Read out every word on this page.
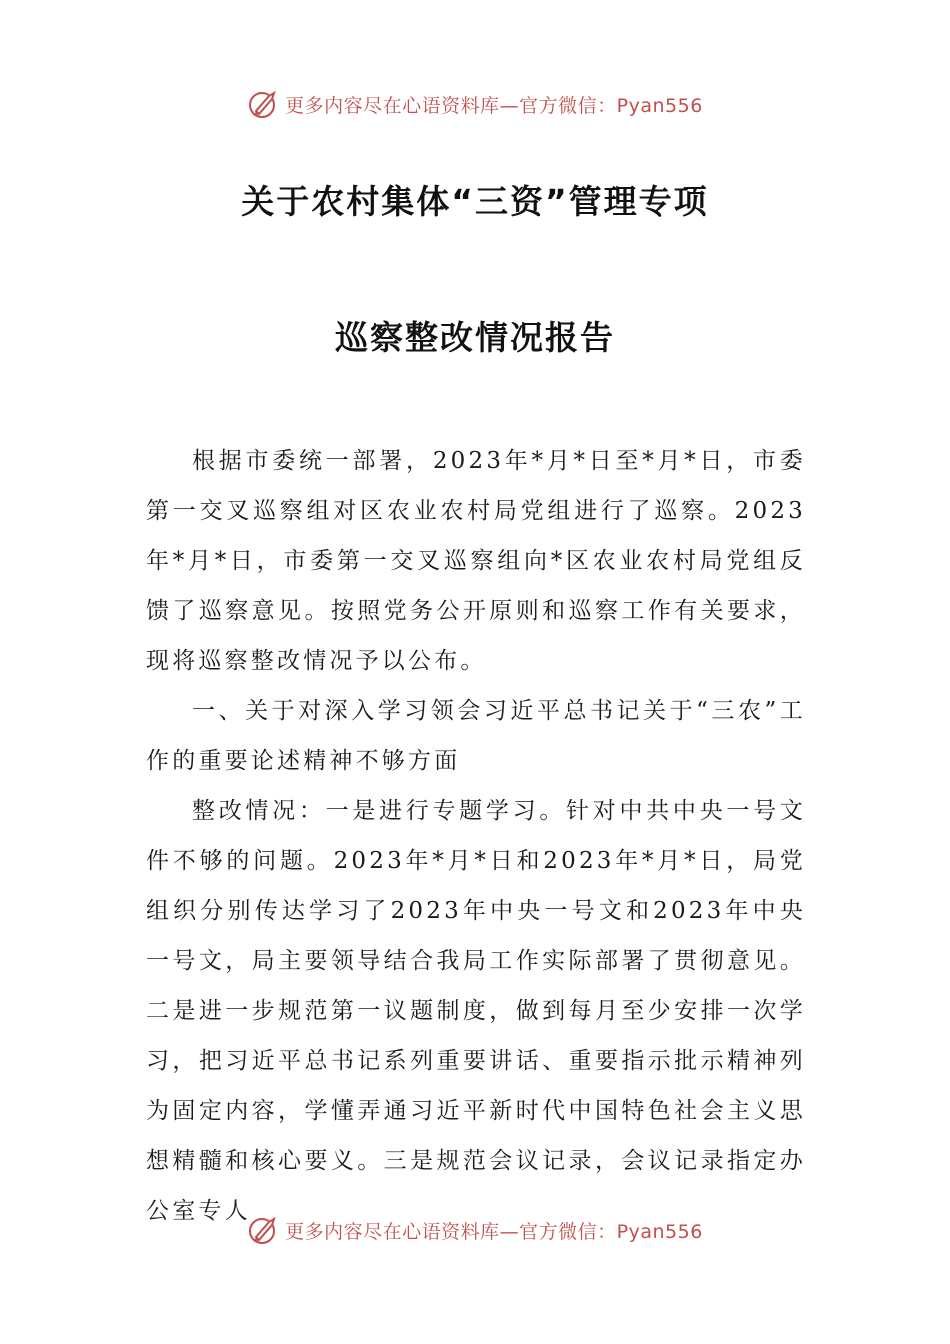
更多内容尽在心语资料库—官方微信：Pyan556
关于农村集体“三资”管理专项
巡察整改情况报告

根据市委统一部署，2023年*月*日至*月*日，市委第一交叉巡察组对区农业农村局党组进行了巡察。2023年*月*日，市委第一交叉巡察组向*区农业农村局党组反馈了巡察意见。按照党务公开原则和巡察工作有关要求，现将巡察整改情况予以公布。

一、关于对深入学习领会习近平总书记关于“三农”工作的重要论述精神不够方面

整改情况：一是进行专题学习。针对中共中央一号文件不够的问题。2023年*月*日和2023年*月*日，局党组织分别传达学习了2023年中央一号文和2023年中央一号文，局主要领导结合我局工作实际部署了贯彻意见。二是进一步规范第一议题制度，做到每月至少安排一次学习，把习近平总书记系列重要讲话、重要指示批示精神列为固定内容，学懂弄通习近平新时代中国特色社会主义思想精髓和核心要义。三是规范会议记录，会议记录指定办公室专人

更多内容尽在心语资料库—官方微信：Pyan556
